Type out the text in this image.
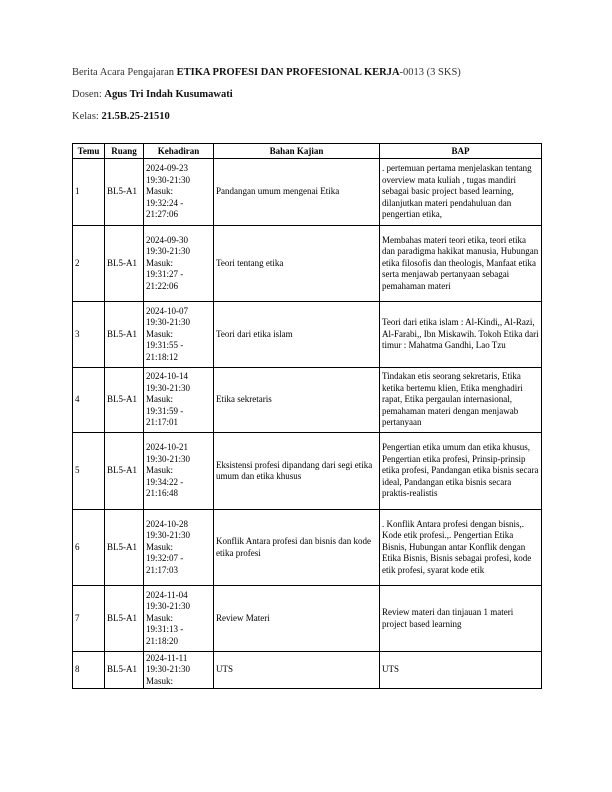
Berita Acara Pengajaran ETIKA PROFESI DAN PROFESIONAL KERJA-0013 (3 SKS)

Dosen: Agus Tri Indah Kusumawati

Kelas: 21.5B.25-21510

Temu	Ruang	Kehadiran	Bahan Kajian	BAP
1	BL5-A1	2024-09-23
19:30-21:30
Masuk:
19:32:24 -
21:27:06	Pandangan umum mengenai Etika	. pertemuan pertama menjelaskan tentang overview mata kuliah , tugas mandiri sebagai basic project based learning, dilanjutkan materi pendahuluan dan pengertian etika,
2	BL5-A1	2024-09-30
19:30-21:30
Masuk:
19:31:27 -
21:22:06	Teori tentang etika	Membahas materi teori etika, teori etika dan paradigma hakikat manusia, Hubungan etika filosofis dan theologis, Manfaat etika serta menjawab pertanyaan sebagai pemahaman materi
3	BL5-A1	2024-10-07
19:30-21:30
Masuk:
19:31:55 -
21:18:12	Teori dari etika islam	Teori dari etika islam : Al-Kindi,, Al-Razi, Al-Farabi,, Ibn Miskawih. Tokoh Etika dari timur : Mahatma Gandhi, Lao Tzu
4	BL5-A1	2024-10-14
19:30-21:30
Masuk:
19:31:59 -
21:17:01	Etika sekretaris	Tindakan etis seorang sekretaris, Etika ketika bertemu klien, Etika menghadiri rapat, Etika pergaulan internasional, pemahaman materi dengan menjawab pertanyaan
5	BL5-A1	2024-10-21
19:30-21:30
Masuk:
19:34:22 -
21:16:48	Eksistensi profesi dipandang dari segi etika umum dan etika khusus	Pengertian etika umum dan etika khusus, Pengertian etika profesi, Prinsip-prinsip etika profesi, Pandangan etika bisnis secara ideal, Pandangan etika bisnis secara praktis-realistis
6	BL5-A1	2024-10-28
19:30-21:30
Masuk:
19:32:07 -
21:17:03	Konflik Antara profesi dan bisnis dan kode etika profesi	. Konflik Antara profesi dengan bisnis,. Kode etik profesi.,. Pengertian Etika Bisnis, Hubungan antar Konflik dengan Etika Bisnis, Bisnis sebagai profesi, kode etik profesi, syarat kode etik
7	BL5-A1	2024-11-04
19:30-21:30
Masuk:
19:31:13 -
21:18:20	Review Materi	Review materi dan tinjauan 1 materi project based learning
8	BL5-A1	2024-11-11
19:30-21:30
Masuk:	UTS	UTS
